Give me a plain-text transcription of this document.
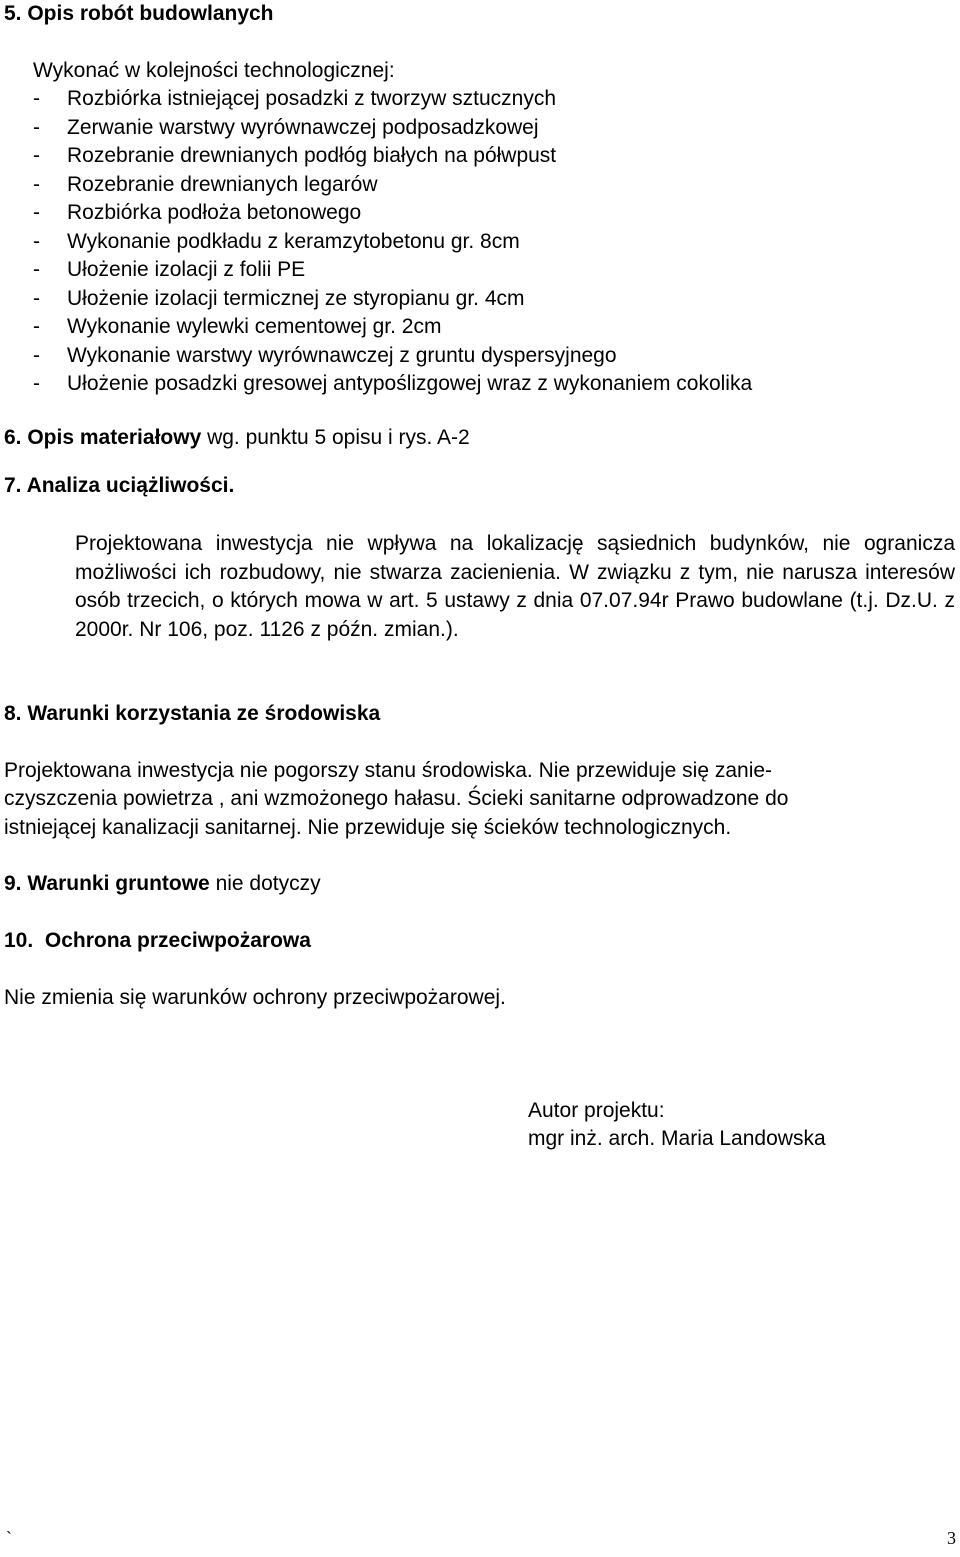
5. Opis robót budowlanych
Wykonać w kolejności technologicznej:
- Rozbiórka istniejącej posadzki z tworzyw sztucznych
- Zerwanie warstwy wyrównawczej podposadzkowej
- Rozebranie drewnianych podłóg białych na półwpust
- Rozebranie drewnianych legarów
- Rozbiórka podłoża betonowego
- Wykonanie podkładu z keramzytobetonu gr. 8cm
- Ułożenie izolacji z folii PE
- Ułożenie izolacji termicznej ze styropianu gr. 4cm
- Wykonanie wylewki cementowej gr. 2cm
- Wykonanie warstwy wyrównawczej z gruntu dyspersyjnego
- Ułożenie posadzki gresowej antypoślizgowej wraz z wykonaniem cokolika
6. Opis materiałowy wg. punktu 5 opisu i rys. A-2
7. Analiza uciążliwości.
Projektowana inwestycja nie wpływa na lokalizację sąsiednich budynków, nie ogranicza możliwości ich rozbudowy, nie stwarza zacienienia. W związku z tym, nie narusza interesów osób trzecich, o których mowa w art. 5 ustawy z dnia 07.07.94r Prawo budowlane (t.j. Dz.U. z 2000r. Nr 106, poz. 1126 z późn. zmian.).
8. Warunki korzystania ze środowiska
Projektowana inwestycja nie pogorszy stanu środowiska. Nie przewiduje się zanie-
czyszczenia powietrza , ani wzmożonego hałasu. Ścieki sanitarne odprowadzone do
istniejącej kanalizacji sanitarnej. Nie przewiduje się ścieków technologicznych.
9. Warunki gruntowe nie dotyczy
10.  Ochrona przeciwpożarowa
Nie zmienia się warunków ochrony przeciwpożarowej.
Autor projektu:
mgr inż. arch. Maria Landowska
`	3
